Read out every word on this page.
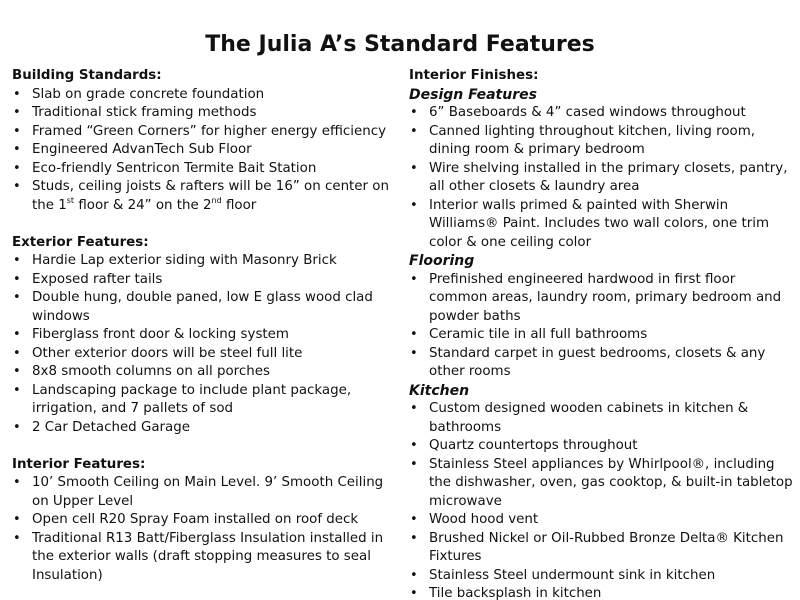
The Julia A’s Standard Features
Building Standards:
• Slab on grade concrete foundation
• Traditional stick framing methods
• Framed “Green Corners” for higher energy efficiency
• Engineered AdvanTech Sub Floor
• Eco-friendly Sentricon Termite Bait Station
• Studs, ceiling joists & rafters will be 16” on center on the 1st floor & 24” on the 2nd floor
Exterior Features:
• Hardie Lap exterior siding with Masonry Brick
• Exposed rafter tails
• Double hung, double paned, low E glass wood clad windows
• Fiberglass front door & locking system
• Other exterior doors will be steel full lite
• 8x8 smooth columns on all porches
• Landscaping package to include plant package, irrigation, and 7 pallets of sod
• 2 Car Detached Garage
Interior Features:
• 10’ Smooth Ceiling on Main Level. 9’ Smooth Ceiling on Upper Level
• Open cell R20 Spray Foam installed on roof deck
• Traditional R13 Batt/Fiberglass Insulation installed in the exterior walls (draft stopping measures to seal Insulation)
Interior Finishes:
Design Features
• 6” Baseboards & 4” cased windows throughout
• Canned lighting throughout kitchen, living room, dining room & primary bedroom
• Wire shelving installed in the primary closets, pantry, all other closets & laundry area
• Interior walls primed & painted with Sherwin Williams® Paint. Includes two wall colors, one trim color & one ceiling color
Flooring
• Prefinished engineered hardwood in first floor common areas, laundry room, primary bedroom and powder baths
• Ceramic tile in all full bathrooms
• Standard carpet in guest bedrooms, closets & any other rooms
Kitchen
• Custom designed wooden cabinets in kitchen & bathrooms
• Quartz countertops throughout
• Stainless Steel appliances by Whirlpool®, including the dishwasher, oven, gas cooktop, & built-in tabletop microwave
• Wood hood vent
• Brushed Nickel or Oil-Rubbed Bronze Delta® Kitchen Fixtures
• Stainless Steel undermount sink in kitchen
• Tile backsplash in kitchen
